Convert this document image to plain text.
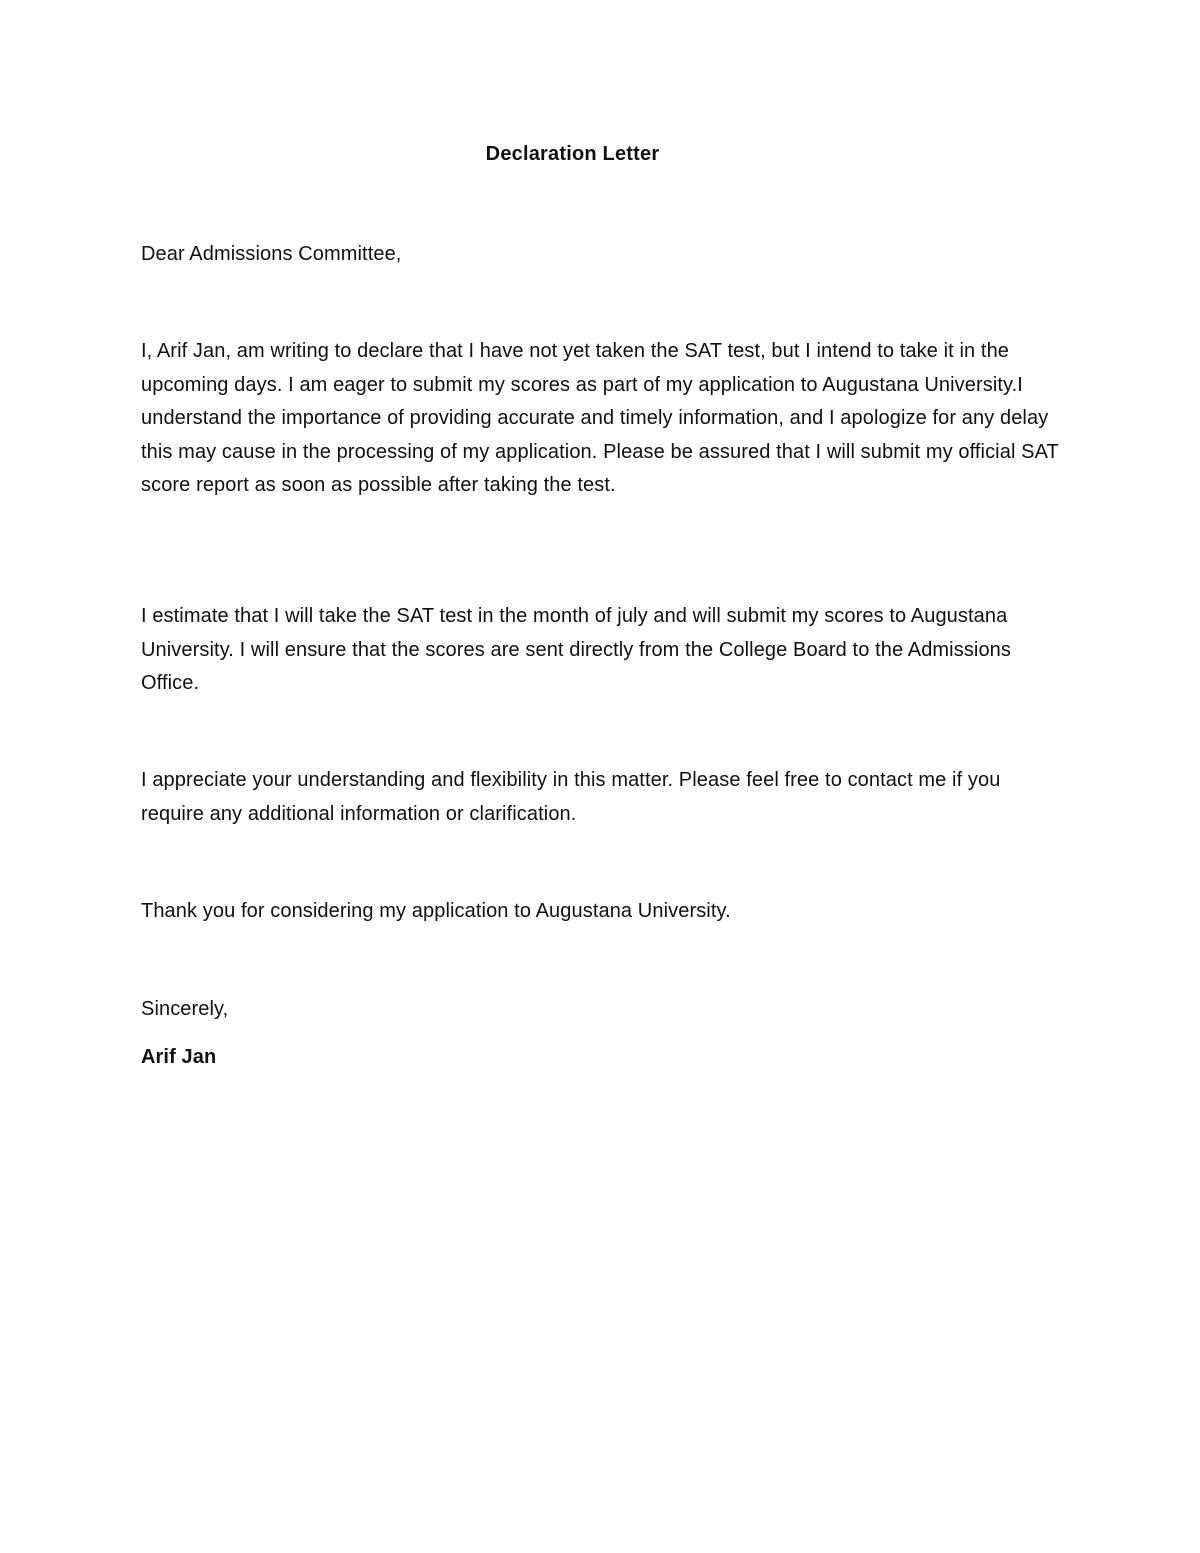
Declaration Letter
Dear Admissions Committee,
I, Arif Jan, am writing to declare that I have not yet taken the SAT test, but I intend to take it in the upcoming days. I am eager to submit my scores as part of my application to Augustana University.I understand the importance of providing accurate and timely information, and I apologize for any delay this may cause in the processing of my application. Please be assured that I will submit my official SAT score report as soon as possible after taking the test.
I estimate that I will take the SAT test in the month of july and will submit my scores to Augustana University. I will ensure that the scores are sent directly from the College Board to the Admissions Office.
I appreciate your understanding and flexibility in this matter. Please feel free to contact me if you require any additional information or clarification.
Thank you for considering my application to Augustana University.
Sincerely,
Arif Jan
